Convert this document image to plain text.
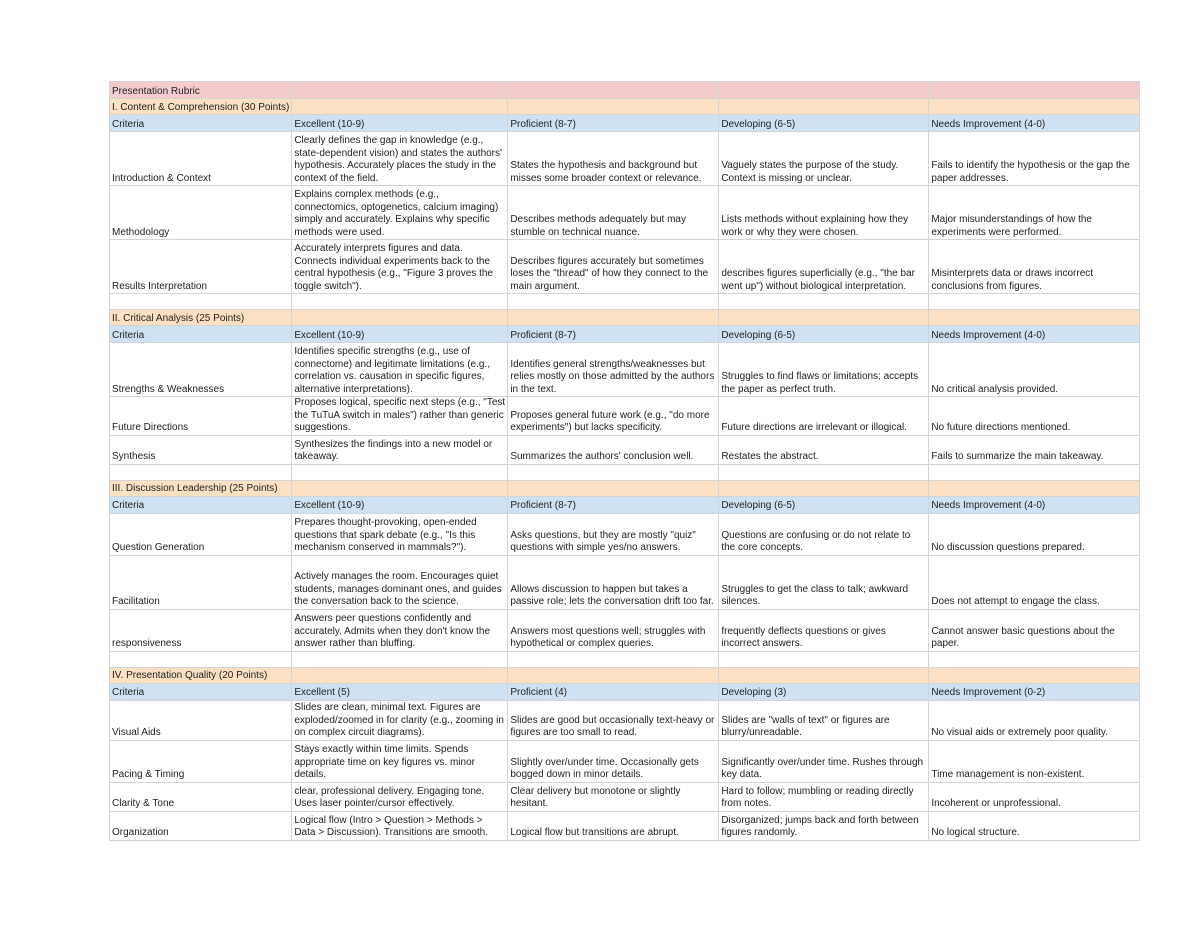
Presentation Rubric				
I. Content & Comprehension (30 Points)				
Criteria	Excellent (10-9)	Proficient (8-7)	Developing (6-5)	Needs Improvement (4-0)
Introduction & Context	Clearly defines the gap in knowledge (e.g., state-dependent vision) and states the authors' hypothesis. Accurately places the study in the context of the field.	States the hypothesis and background but misses some broader context or relevance.	Vaguely states the purpose of the study. Context is missing or unclear.	Fails to identify the hypothesis or the gap the paper addresses.
Methodology	Explains complex methods (e.g., connectomics, optogenetics, calcium imaging) simply and accurately. Explains why specific methods were used.	Describes methods adequately but may stumble on technical nuance.	Lists methods without explaining how they work or why they were chosen.	Major misunderstandings of how the experiments were performed.
Results Interpretation	Accurately interprets figures and data. Connects individual experiments back to the central hypothesis (e.g., "Figure 3 proves the toggle switch").	Describes figures accurately but sometimes loses the "thread" of how they connect to the main argument.	describes figures superficially (e.g., "the bar went up") without biological interpretation.	Misinterprets data or draws incorrect conclusions from figures.

II. Critical Analysis (25 Points)				
Criteria	Excellent (10-9)	Proficient (8-7)	Developing (6-5)	Needs Improvement (4-0)
Strengths & Weaknesses	Identifies specific strengths (e.g., use of connectome) and legitimate limitations (e.g., correlation vs. causation in specific figures, alternative interpretations).	Identifies general strengths/weaknesses but relies mostly on those admitted by the authors in the text.	Struggles to find flaws or limitations; accepts the paper as perfect truth.	No critical analysis provided.
Future Directions	Proposes logical, specific next steps (e.g., "Test the TuTuA switch in males") rather than generic suggestions.	Proposes general future work (e.g., "do more experiments") but lacks specificity.	Future directions are irrelevant or illogical.	No future directions mentioned.
Synthesis	Synthesizes the findings into a new model or takeaway.	Summarizes the authors' conclusion well.	Restates the abstract.	Fails to summarize the main takeaway.

III. Discussion Leadership (25 Points)				
Criteria	Excellent (10-9)	Proficient (8-7)	Developing (6-5)	Needs Improvement (4-0)
Question Generation	Prepares thought-provoking, open-ended questions that spark debate (e.g., "Is this mechanism conserved in mammals?").	Asks questions, but they are mostly "quiz" questions with simple yes/no answers.	Questions are confusing or do not relate to the core concepts.	No discussion questions prepared.
Facilitation	Actively manages the room. Encourages quiet students, manages dominant ones, and guides the conversation back to the science.	Allows discussion to happen but takes a passive role; lets the conversation drift too far.	Struggles to get the class to talk; awkward silences.	Does not attempt to engage the class.
responsiveness	Answers peer questions confidently and accurately. Admits when they don't know the answer rather than bluffing.	Answers most questions well; struggles with hypothetical or complex queries.	frequently deflects questions or gives incorrect answers.	Cannot answer basic questions about the paper.

IV. Presentation Quality (20 Points)				
Criteria	Excellent (5)	Proficient (4)	Developing (3)	Needs Improvement (0-2)
Visual Aids	Slides are clean, minimal text. Figures are exploded/zoomed in for clarity (e.g., zooming in on complex circuit diagrams).	Slides are good but occasionally text-heavy or figures are too small to read.	Slides are "walls of text" or figures are blurry/unreadable.	No visual aids or extremely poor quality.
Pacing & Timing	Stays exactly within time limits. Spends appropriate time on key figures vs. minor details.	Slightly over/under time. Occasionally gets bogged down in minor details.	Significantly over/under time. Rushes through key data.	Time management is non-existent.
Clarity & Tone	clear, professional delivery. Engaging tone. Uses laser pointer/cursor effectively.	Clear delivery but monotone or slightly hesitant.	Hard to follow; mumbling or reading directly from notes.	Incoherent or unprofessional.
Organization	Logical flow (Intro > Question > Methods > Data > Discussion). Transitions are smooth.	Logical flow but transitions are abrupt.	Disorganized; jumps back and forth between figures randomly.	No logical structure.
